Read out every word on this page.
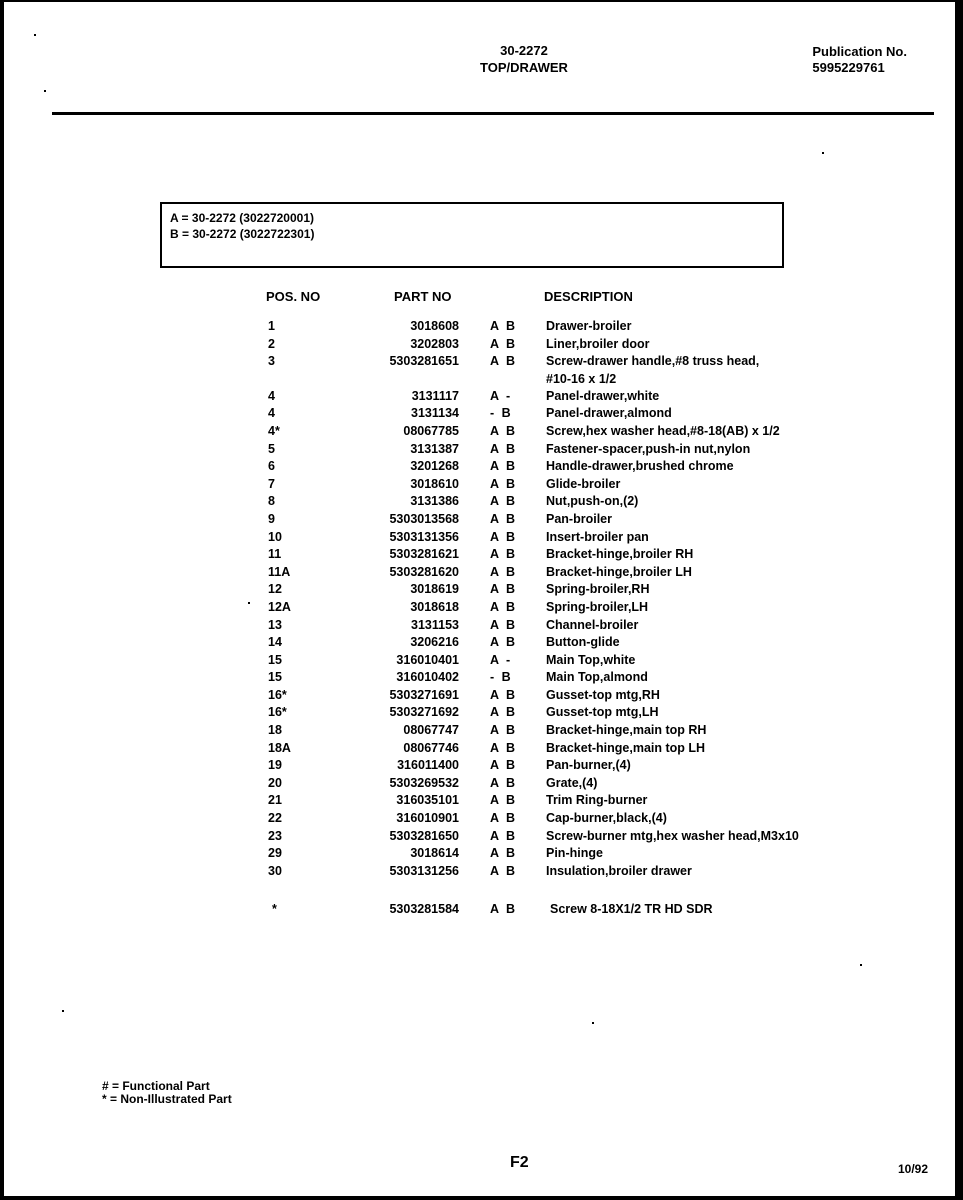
30-2272
TOP/DRAWER
Publication No.
5995229761
A = 30-2272 (3022720001)
B = 30-2272 (3022722301)
POS. NO	PART NO	DESCRIPTION
1	3018608 A B Drawer-broiler
2	3202803 A B Liner,broiler door
3	5303281651 A B Screw-drawer handle,#8 truss head,
#10-16 x 1/2
4	3131117 A -	Panel-drawer,white
4	3131134 - B	Panel-drawer,almond
4*	08067785 A B Screw,hex washer head,#8-18(AB) x 1/2
5	3131387 A B Fastener-spacer,push-in nut,nylon
6	3201268 A B Handle-drawer,brushed chrome
7	3018610 A B Glide-broiler
8	3131386 A B Nut,push-on,(2)
9	5303013568 A B Pan-broiler
10	5303131356 A B Insert-broiler pan
11	5303281621 A B Bracket-hinge,broiler RH
11A	5303281620 A B Bracket-hinge,broiler LH
12	3018619 A B Spring-broiler,RH
12A	3018618 A B Spring-broiler,LH
13	3131153 A B Channel-broiler
14	3206216 A B Button-glide
15	316010401 A -	Main Top,white
15	316010402 - B	Main Top,almond
16*	5303271691 A B Gusset-top mtg,RH
16*	5303271692 A B Gusset-top mtg,LH
18	08067747 A B Bracket-hinge,main top RH
18A	08067746 A B Bracket-hinge,main top LH
19	316011400 A B Pan-burner,(4)
20	5303269532 A B Grate,(4)
21	316035101 A B Trim Ring-burner
22	316010901 A B Cap-burner,black,(4)
23	5303281650 A B Screw-burner mtg,hex washer head,M3x10
29	3018614 A B Pin-hinge
30	5303131256 A B Insulation,broiler drawer
*	5303281584 A B	Screw 8-18X1/2 TR HD SDR
# = Functional Part
* = Non-Illustrated Part
F2	10/92
